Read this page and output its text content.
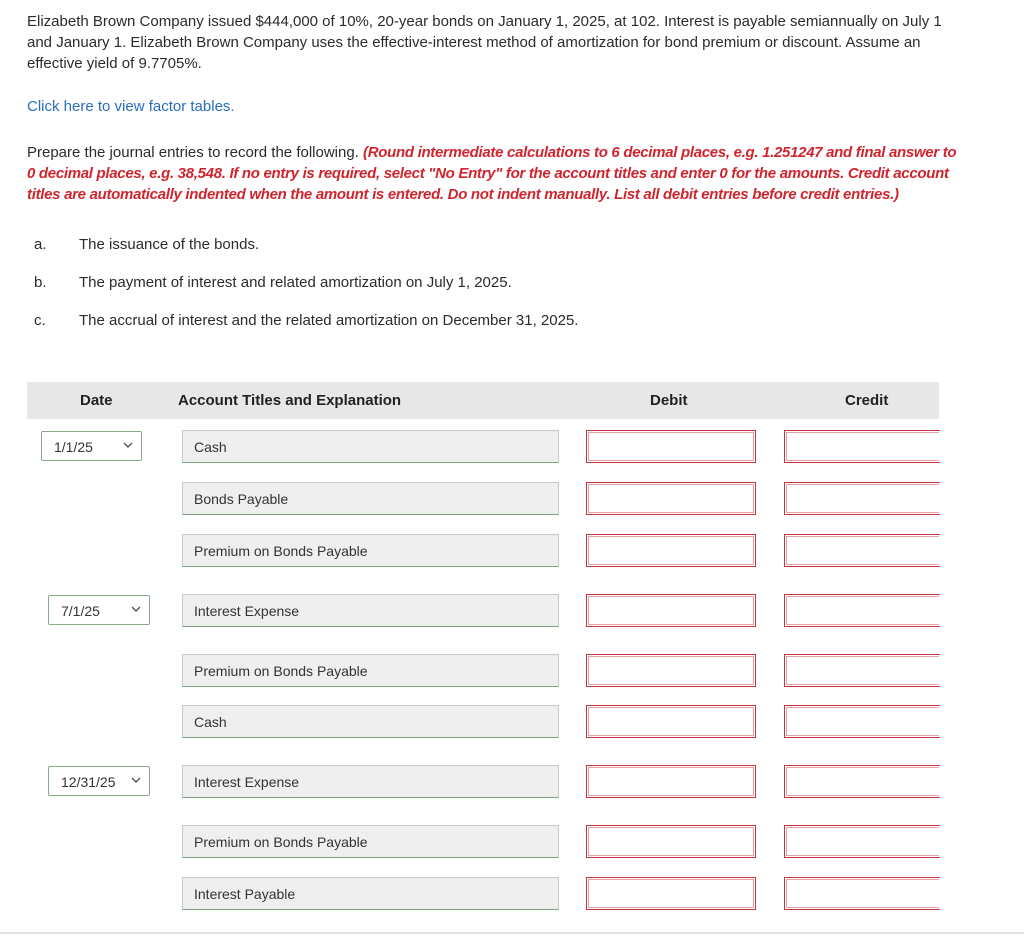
Elizabeth Brown Company issued $444,000 of 10%, 20-year bonds on January 1, 2025, at 102. Interest is payable semiannually on July 1 and January 1. Elizabeth Brown Company uses the effective-interest method of amortization for bond premium or discount. Assume an effective yield of 9.7705%.

Click here to view factor tables.

Prepare the journal entries to record the following. (Round intermediate calculations to 6 decimal places, e.g. 1.251247 and final answer to 0 decimal places, e.g. 38,548. If no entry is required, select "No Entry" for the account titles and enter 0 for the amounts. Credit account titles are automatically indented when the amount is entered. Do not indent manually. List all debit entries before credit entries.)

a. The issuance of the bonds.
b. The payment of interest and related amortization on July 1, 2025.
c. The accrual of interest and the related amortization on December 31, 2025.
Date	Account Titles and Explanation	Debit	Credit
1/1/25	Cash
Bonds Payable
Premium on Bonds Payable
7/1/25	Interest Expense
Premium on Bonds Payable
Cash
12/31/25	Interest Expense
Premium on Bonds Payable
Interest Payable
